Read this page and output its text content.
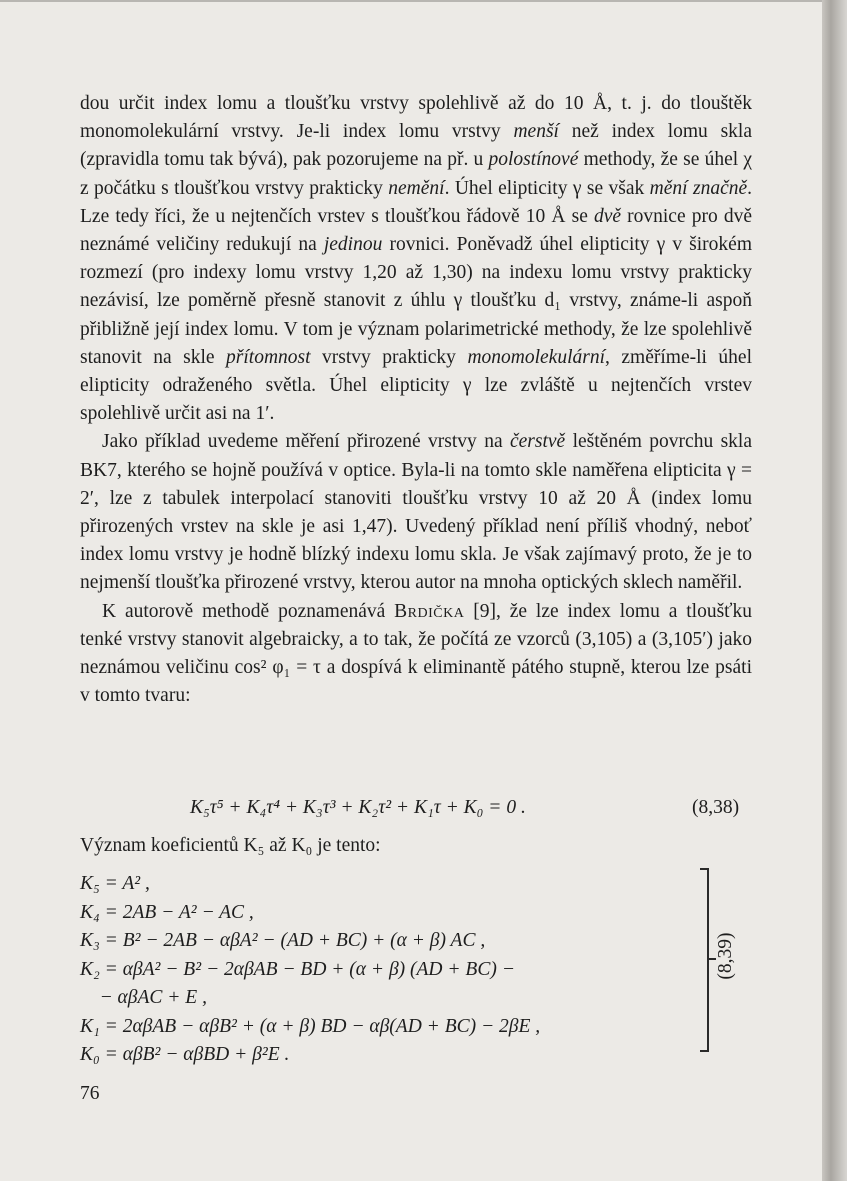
dou určit index lomu a tloušťku vrstvy spolehlivě až do 10 Å, t. j. do tlouštěk monomolekulární vrstvy. Je-li index lomu vrstvy menší než index lomu skla (zpravidla tomu tak bývá), pak pozorujeme na př. u polostínové methody, že se úhel χ z počátku s tloušťkou vrstvy prakticky nemění. Úhel elipticity γ se však mění značně. Lze tedy říci, že u nejtenčích vrstev s tloušťkou řádově 10 Å se dvě rovnice pro dvě neznámé veličiny redukují na jedinou rovnici. Poněvadž úhel elipticity γ v širokém rozmezí (pro indexy lomu vrstvy 1,20 až 1,30) na indexu lomu vrstvy prakticky nezávisí, lze poměrně přesně stanovit z úhlu γ tloušťku d₁ vrstvy, známe-li aspoň přibližně její index lomu. V tom je význam polarimetrické methody, že lze spolehlivě stanovit na skle přítomnost vrstvy prakticky monomolekulární, změříme-li úhel elipticity odraženého světla. Úhel elipticity γ lze zvláště u nejtenčích vrstev spolehlivě určit asi na 1′.

Jako příklad uvedeme měření přirozené vrstvy na čerstvě leštěném povrchu skla BK7, kterého se hojně používá v optice. Byla-li na tomto skle naměřena elipticita γ = 2′, lze z tabulek interpolací stanoviti tloušťku vrstvy 10 až 20 Å (index lomu přirozených vrstev na skle je asi 1,47). Uvedený příklad není příliš vhodný, neboť index lomu vrstvy je hodně blízký indexu lomu skla. Je však zajímavý proto, že je to nejmenší tloušťka přirozené vrstvy, kterou autor na mnoha optických sklech naměřil.

K autorově methodě poznamenává Brdička [9], že lze index lomu a tloušťku tenké vrstvy stanovit algebraicky, a to tak, že počítá ze vzorců (3,105) a (3,105′) jako neznámou veličinu cos² φ₁ = τ a dospívá k eliminantě pátého stupně, kterou lze psáti v tomto tvaru:

K₅τ⁵ + K₄τ⁴ + K₃τ³ + K₂τ² + K₁τ + K₀ = 0 .	(8,38)
Význam koeficientů K₅ až K₀ je tento:
K₅ = A² ,
K₄ = 2AB − A² − AC ,
K₃ = B² − 2AB − αβA² − (AD + BC) + (α + β) AC ,
K₂ = αβA² − B² − 2αβAB − BD + (α + β) (AD + BC) −
− αβAC + E ,
K₁ = 2αβAB − αβB² + (α + β) BD − αβ(AD + BC) − 2βE ,
K₀ = αβB² − αβBD + β²E .
(8,39)
76
